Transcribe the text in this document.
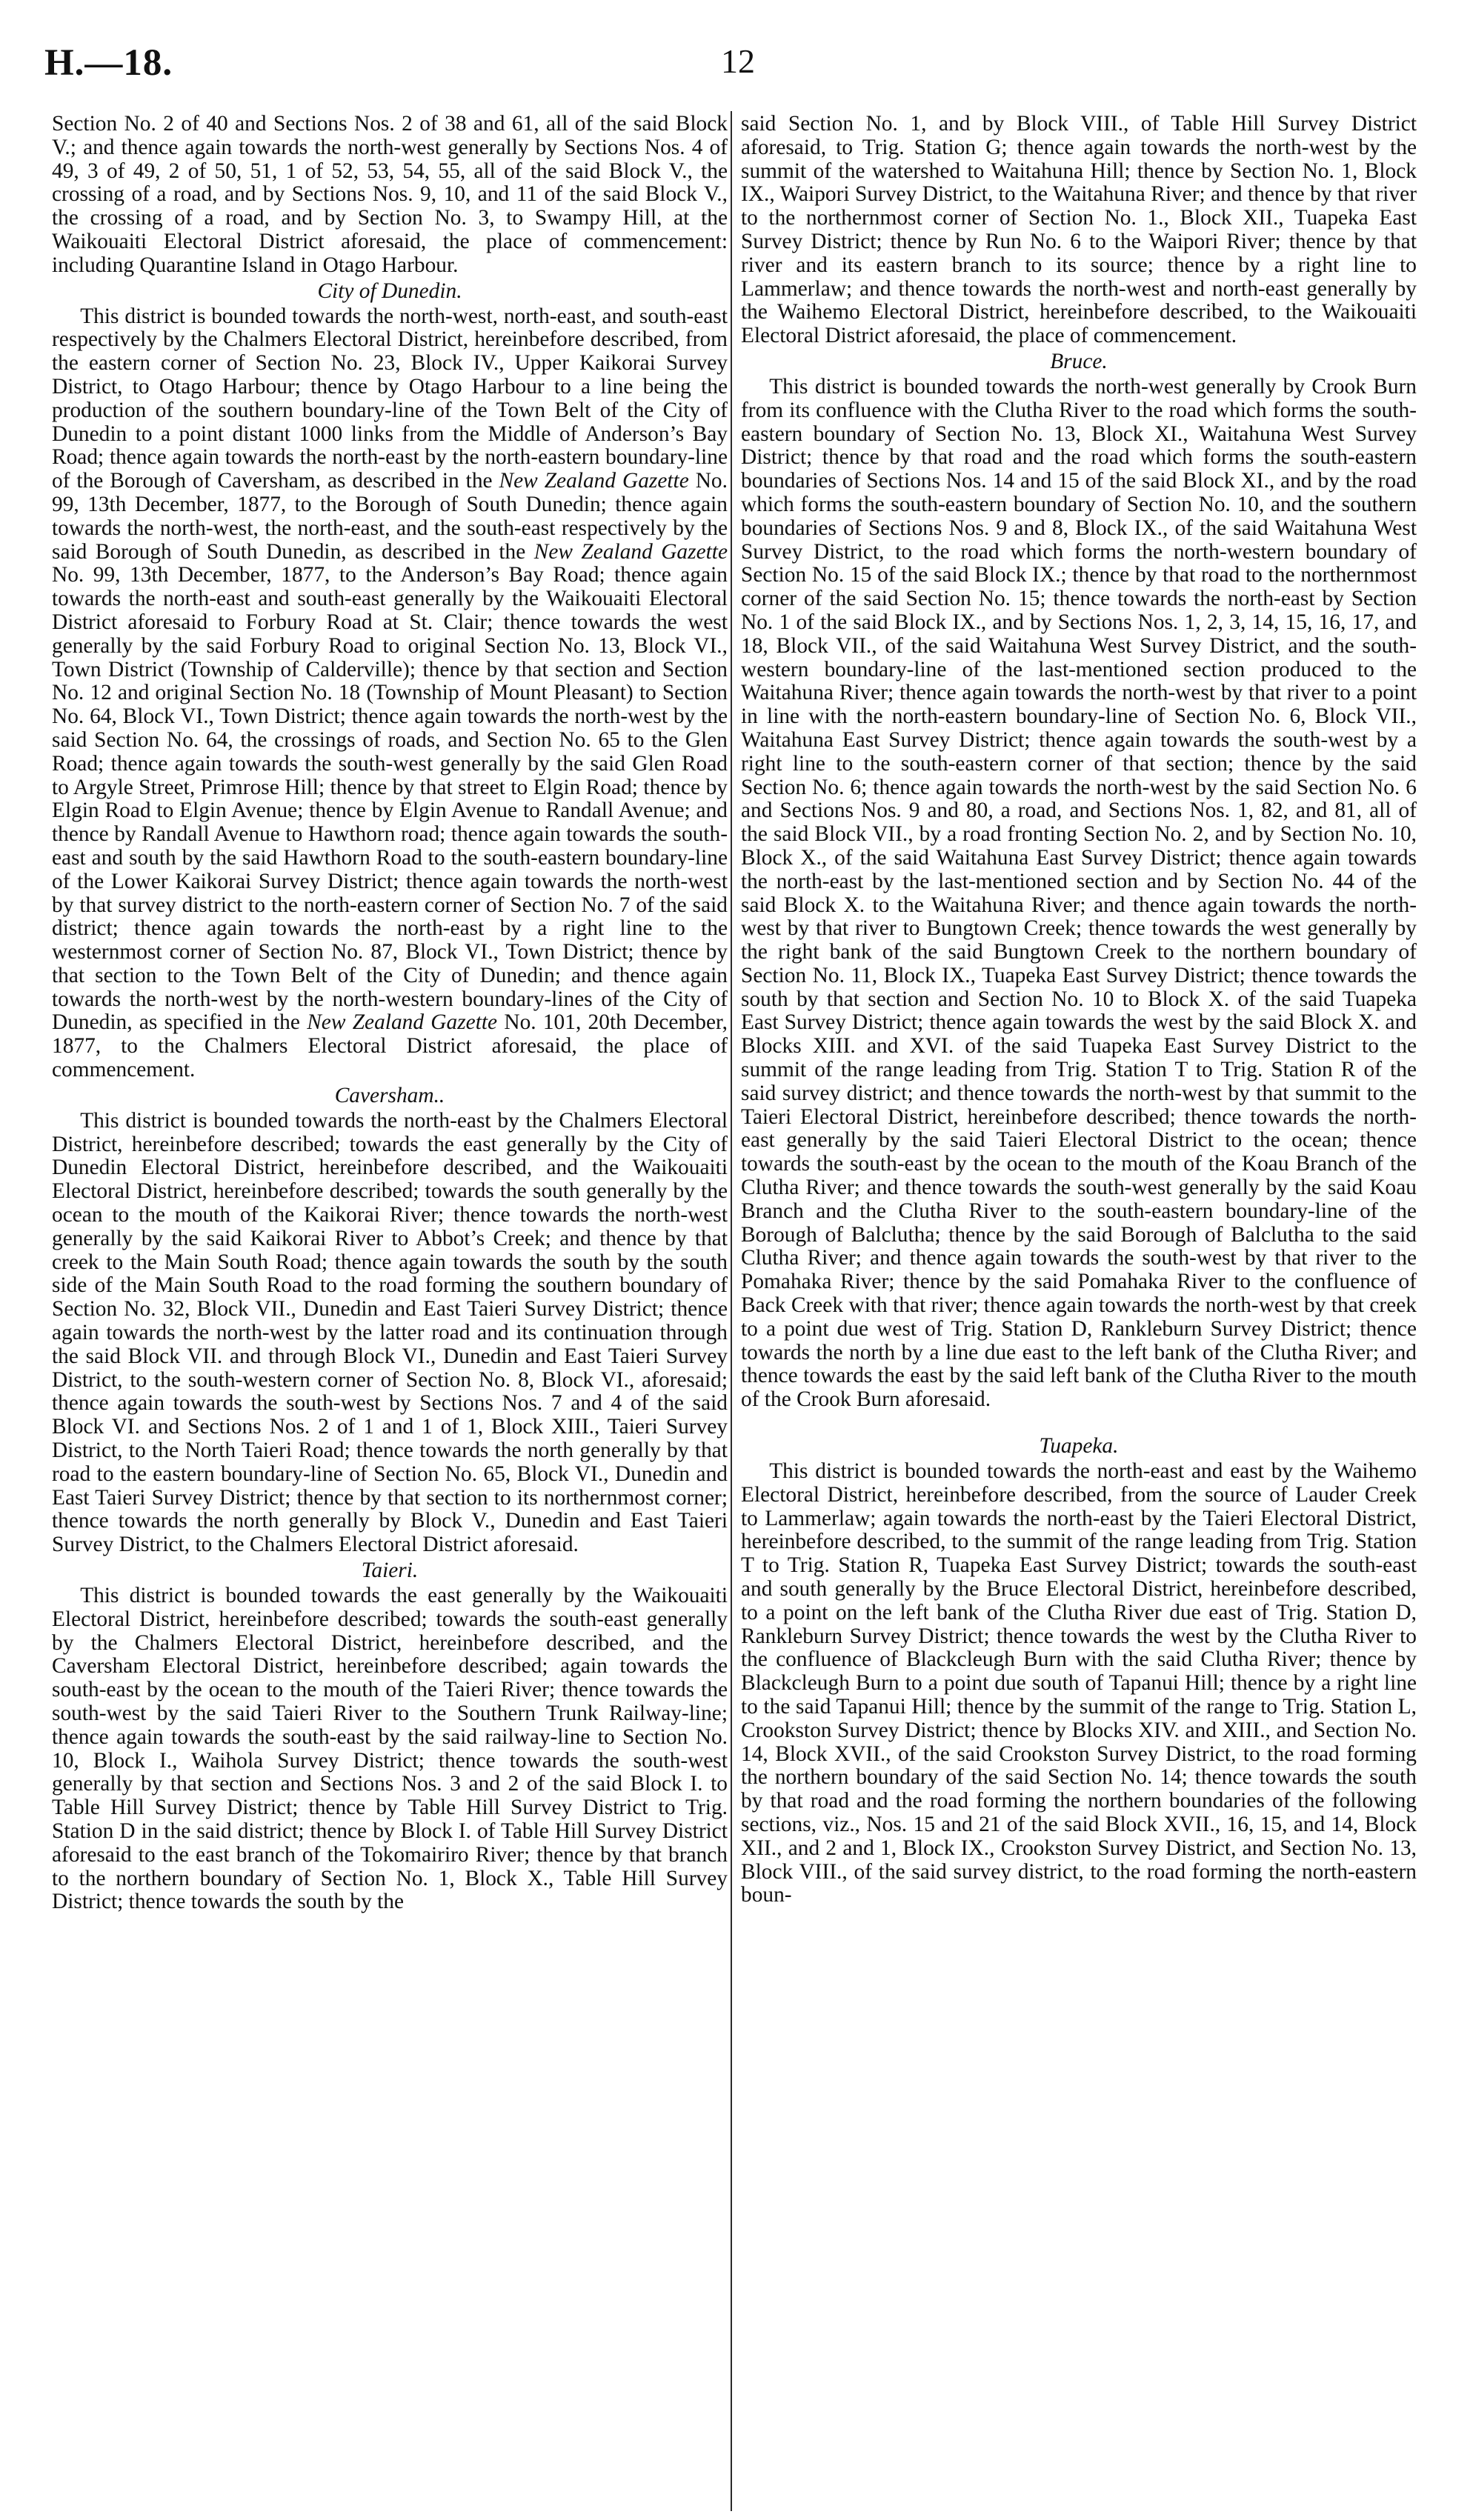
H.—18.	12

Section No. 2 of 40 and Sections Nos. 2 of 38 and 61, all of the said Block V.; and thence again towards the north-west generally by Sections Nos. 4 of 49, 3 of 49, 2 of 50, 51, 1 of 52, 53, 54, 55, all of the said Block V., the crossing of a road, and by Sections Nos. 9, 10, and 11 of the said Block V., the crossing of a road, and by Section No. 3, to Swampy Hill, at the Waikouaiti Electoral District aforesaid, the place of commencement: including Quarantine Island in Otago Harbour.

City of Dunedin.

This district is bounded towards the north-west, north-east, and south-east respectively by the Chalmers Electoral District, hereinbefore described, from the eastern corner of Section No. 23, Block IV., Upper Kaikorai Survey District, to Otago Harbour; thence by Otago Harbour to a line being the production of the southern boundary-line of the Town Belt of the City of Dunedin to a point distant 1000 links from the Middle of Anderson’s Bay Road; thence again towards the north-east by the north-eastern boundary-line of the Borough of Caversham, as described in the New Zealand Gazette No. 99, 13th December, 1877, to the Borough of South Dunedin; thence again towards the north-west, the north-east, and the south-east respectively by the said Borough of South Dunedin, as described in the New Zealand Gazette No. 99, 13th December, 1877, to the Anderson’s Bay Road; thence again towards the north-east and south-east generally by the Waikouaiti Electoral District aforesaid to Forbury Road at St. Clair; thence towards the west generally by the said Forbury Road to original Section No. 13, Block VI., Town District (Township of Calderville); thence by that section and Section No. 12 and original Section No. 18 (Township of Mount Pleasant) to Section No. 64, Block VI., Town District; thence again towards the north-west by the said Section No. 64, the crossings of roads, and Section No. 65 to the Glen Road; thence again towards the south-west generally by the said Glen Road to Argyle Street, Primrose Hill; thence by that street to Elgin Road; thence by Elgin Road to Elgin Avenue; thence by Elgin Avenue to Randall Avenue; and thence by Randall Avenue to Hawthorn road; thence again towards the south-east and south by the said Hawthorn Road to the south-eastern boundary-line of the Lower Kaikorai Survey District; thence again towards the north-west by that survey district to the north-eastern corner of Section No. 7 of the said district; thence again towards the north-east by a right line to the westernmost corner of Section No. 87, Block VI., Town District; thence by that section to the Town Belt of the City of Dunedin; and thence again towards the north-west by the north-western boundary-lines of the City of Dunedin, as specified in the New Zealand Gazette No. 101, 20th December, 1877, to the Chalmers Electoral District aforesaid, the place of commencement.

Caversham..

This district is bounded towards the north-east by the Chalmers Electoral District, hereinbefore described; towards the east generally by the City of Dunedin Electoral District, hereinbefore described, and the Waikouaiti Electoral District, hereinbefore described; towards the south generally by the ocean to the mouth of the Kaikorai River; thence towards the north-west generally by the said Kaikorai River to Abbot’s Creek; and thence by that creek to the Main South Road; thence again towards the south by the south side of the Main South Road to the road forming the southern boundary of Section No. 32, Block VII., Dunedin and East Taieri Survey District; thence again towards the north-west by the latter road and its continuation through the said Block VII. and through Block VI., Dunedin and East Taieri Survey District, to the south-western corner of Section No. 8, Block VI., aforesaid; thence again towards the south-west by Sections Nos. 7 and 4 of the said Block VI. and Sections Nos. 2 of 1 and 1 of 1, Block XIII., Taieri Survey District, to the North Taieri Road; thence towards the north generally by that road to the eastern boundary-line of Section No. 65, Block VI., Dunedin and East Taieri Survey District; thence by that section to its northernmost corner; thence towards the north generally by Block V., Dunedin and East Taieri Survey District, to the Chalmers Electoral District aforesaid.

Taieri.

This district is bounded towards the east generally by the Waikouaiti Electoral District, hereinbefore described; towards the south-east generally by the Chalmers Electoral District, hereinbefore described, and the Caversham Electoral District, hereinbefore described; again towards the south-east by the ocean to the mouth of the Taieri River; thence towards the south-west by the said Taieri River to the Southern Trunk Railway-line; thence again towards the south-east by the said railway-line to Section No. 10, Block I., Waihola Survey District; thence towards the south-west generally by that section and Sections Nos. 3 and 2 of the said Block I. to Table Hill Survey District; thence by Table Hill Survey District to Trig. Station D in the said district; thence by Block I. of Table Hill Survey District aforesaid to the east branch of the Tokomairiro River; thence by that branch to the northern boundary of Section No. 1, Block X., Table Hill Survey District; thence towards the south by the

said Section No. 1, and by Block VIII., of Table Hill Survey District aforesaid, to Trig. Station G; thence again towards the north-west by the summit of the watershed to Waitahuna Hill; thence by Section No. 1, Block IX., Waipori Survey District, to the Waitahuna River; and thence by that river to the northernmost corner of Section No. 1., Block XII., Tuapeka East Survey District; thence by Run No. 6 to the Waipori River; thence by that river and its eastern branch to its source; thence by a right line to Lammerlaw; and thence towards the north-west and north-east generally by the Waihemo Electoral District, hereinbefore described, to the Waikouaiti Electoral District aforesaid, the place of commencement.

Bruce.

This district is bounded towards the north-west generally by Crook Burn from its confluence with the Clutha River to the road which forms the south-eastern boundary of Section No. 13, Block XI., Waitahuna West Survey District; thence by that road and the road which forms the south-eastern boundaries of Sections Nos. 14 and 15 of the said Block XI., and by the road which forms the south-eastern boundary of Section No. 10, and the southern boundaries of Sections Nos. 9 and 8, Block IX., of the said Waitahuna West Survey District, to the road which forms the north-western boundary of Section No. 15 of the said Block IX.; thence by that road to the northernmost corner of the said Section No. 15; thence towards the north-east by Section No. 1 of the said Block IX., and by Sections Nos. 1, 2, 3, 14, 15, 16, 17, and 18, Block VII., of the said Waitahuna West Survey District, and the south-western boundary-line of the last-mentioned section produced to the Waitahuna River; thence again towards the north-west by that river to a point in line with the north-eastern boundary-line of Section No. 6, Block VII., Waitahuna East Survey District; thence again towards the south-west by a right line to the south-eastern corner of that section; thence by the said Section No. 6; thence again towards the north-west by the said Section No. 6 and Sections Nos. 9 and 80, a road, and Sections Nos. 1, 82, and 81, all of the said Block VII., by a road fronting Section No. 2, and by Section No. 10, Block X., of the said Waitahuna East Survey District; thence again towards the north-east by the last-mentioned section and by Section No. 44 of the said Block X. to the Waitahuna River; and thence again towards the north-west by that river to Bungtown Creek; thence towards the west generally by the right bank of the said Bungtown Creek to the northern boundary of Section No. 11, Block IX., Tuapeka East Survey District; thence towards the south by that section and Section No. 10 to Block X. of the said Tuapeka East Survey District; thence again towards the west by the said Block X. and Blocks XIII. and XVI. of the said Tuapeka East Survey District to the summit of the range leading from Trig. Station T to Trig. Station R of the said survey district; and thence towards the north-west by that summit to the Taieri Electoral District, hereinbefore described; thence towards the north-east generally by the said Taieri Electoral District to the ocean; thence towards the south-east by the ocean to the mouth of the Koau Branch of the Clutha River; and thence towards the south-west generally by the said Koau Branch and the Clutha River to the south-eastern boundary-line of the Borough of Balclutha; thence by the said Borough of Balclutha to the said Clutha River; and thence again towards the south-west by that river to the Pomahaka River; thence by the said Pomahaka River to the confluence of Back Creek with that river; thence again towards the north-west by that creek to a point due west of Trig. Station D, Rankleburn Survey District; thence towards the north by a line due east to the left bank of the Clutha River; and thence towards the east by the said left bank of the Clutha River to the mouth of the Crook Burn aforesaid.

Tuapeka.

This district is bounded towards the north-east and east by the Waihemo Electoral District, hereinbefore described, from the source of Lauder Creek to Lammerlaw; again towards the north-east by the Taieri Electoral District, hereinbefore described, to the summit of the range leading from Trig. Station T to Trig. Station R, Tuapeka East Survey District; towards the south-east and south generally by the Bruce Electoral District, hereinbefore described, to a point on the left bank of the Clutha River due east of Trig. Station D, Rankleburn Survey District; thence towards the west by the Clutha River to the confluence of Blackcleugh Burn with the said Clutha River; thence by Blackcleugh Burn to a point due south of Tapanui Hill; thence by a right line to the said Tapanui Hill; thence by the summit of the range to Trig. Station L, Crookston Survey District; thence by Blocks XIV. and XIII., and Section No. 14, Block XVII., of the said Crookston Survey District, to the road forming the northern boundary of the said Section No. 14; thence towards the south by that road and the road forming the northern boundaries of the following sections, viz., Nos. 15 and 21 of the said Block XVII., 16, 15, and 14, Block XII., and 2 and 1, Block IX., Crookston Survey District, and Section No. 13, Block VIII., of the said survey district, to the road forming the north-eastern boun-
